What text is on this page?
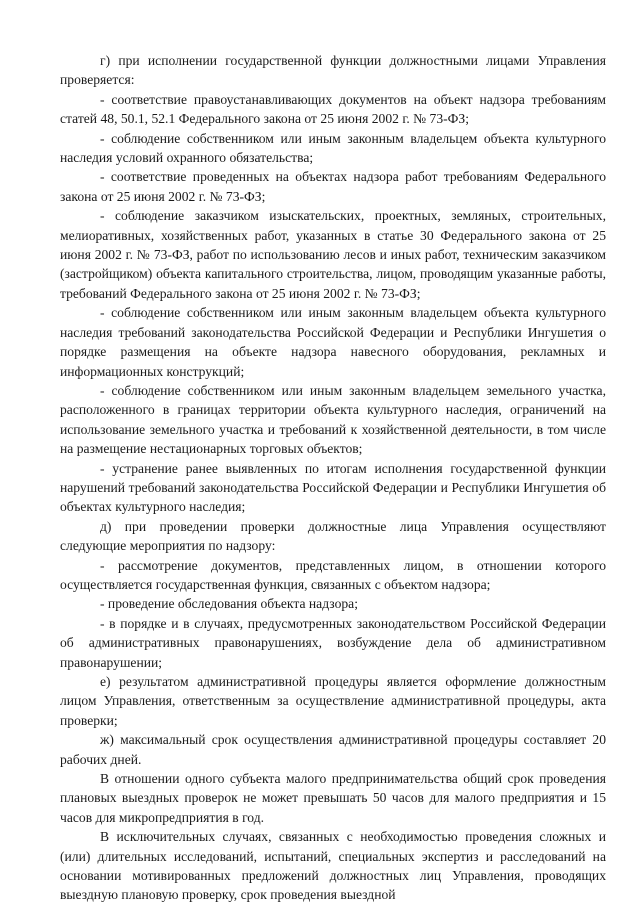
г) при исполнении государственной функции должностными лицами Управления проверяется:

- соответствие правоустанавливающих документов на объект надзора требованиям статей 48, 50.1, 52.1 Федерального закона от 25 июня 2002 г. № 73-ФЗ;

- соблюдение собственником или иным законным владельцем объекта культурного наследия условий охранного обязательства;

- соответствие проведенных на объектах надзора работ требованиям Федерального закона от 25 июня 2002 г. № 73-ФЗ;

- соблюдение заказчиком изыскательских, проектных, земляных, строительных, мелиоративных, хозяйственных работ, указанных в статье 30 Федерального закона от 25 июня 2002 г. № 73-ФЗ, работ по использованию лесов и иных работ, техническим заказчиком (застройщиком) объекта капитального строительства, лицом, проводящим указанные работы, требований Федерального закона от 25 июня 2002 г. № 73-ФЗ;

- соблюдение собственником или иным законным владельцем объекта культурного наследия требований законодательства Российской Федерации и Республики Ингушетия о порядке размещения на объекте надзора навесного оборудования, рекламных и информационных конструкций;

- соблюдение собственником или иным законным владельцем земельного участка, расположенного в границах территории объекта культурного наследия, ограничений на использование земельного участка и требований к хозяйственной деятельности, в том числе на размещение нестационарных торговых объектов;

- устранение ранее выявленных по итогам исполнения государственной функции нарушений требований законодательства Российской Федерации и Республики Ингушетия об объектах культурного наследия;

д) при проведении проверки должностные лица Управления осуществляют следующие мероприятия по надзору:

- рассмотрение документов, представленных лицом, в отношении которого осуществляется государственная функция, связанных с объектом надзора;

- проведение обследования объекта надзора;

- в порядке и в случаях, предусмотренных законодательством Российской Федерации об административных правонарушениях, возбуждение дела об административном правонарушении;

е) результатом административной процедуры является оформление должностным лицом Управления, ответственным за осуществление административной процедуры, акта проверки;

ж) максимальный срок осуществления административной процедуры составляет 20 рабочих дней.

В отношении одного субъекта малого предпринимательства общий срок проведения плановых выездных проверок не может превышать 50 часов для малого предприятия и 15 часов для микропредприятия в год.

В исключительных случаях, связанных с необходимостью проведения сложных и (или) длительных исследований, испытаний, специальных экспертиз и расследований на основании мотивированных предложений должностных лиц Управления, проводящих выездную плановую проверку, срок проведения выездной
